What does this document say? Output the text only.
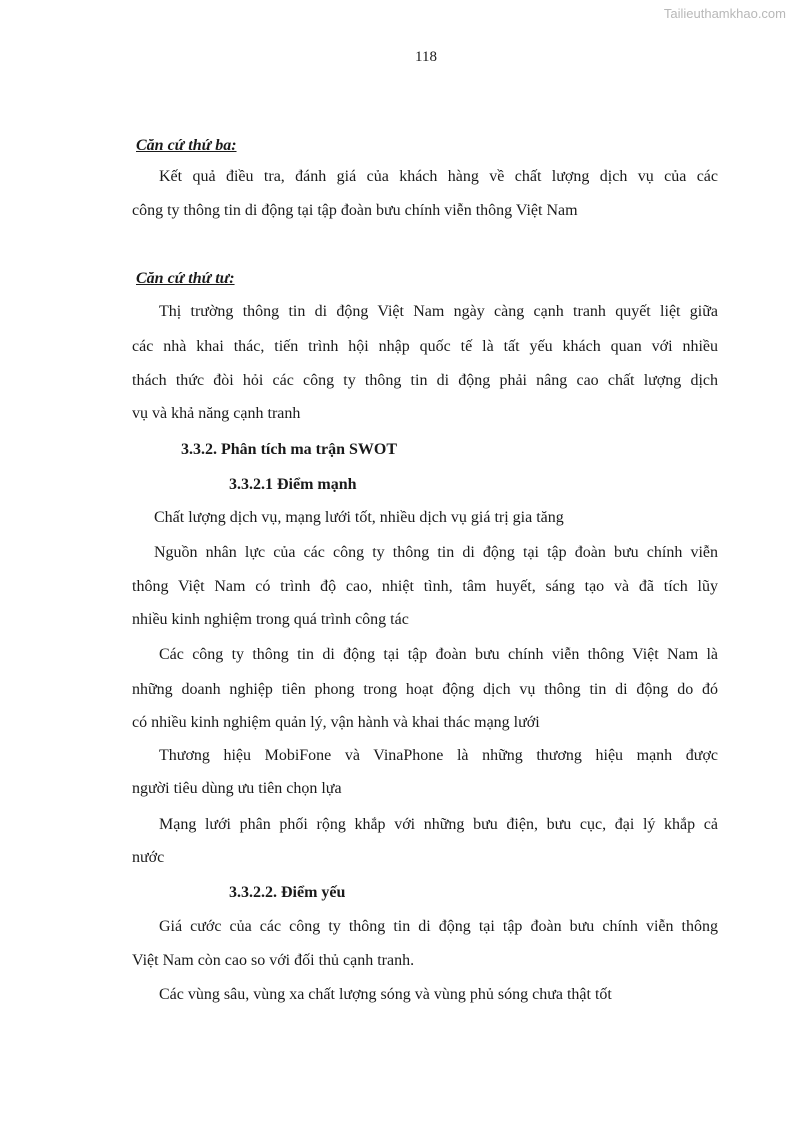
Tailieuthamkhao.com
118
Căn cứ thứ ba:
Kết quả điều tra, đánh giá của khách hàng về chất lượng dịch vụ của các
công ty thông tin di động tại tập đoàn bưu chính viễn thông Việt Nam
Căn cứ thứ tư:
Thị trường thông tin di động Việt Nam ngày càng cạnh tranh quyết liệt giữa
các nhà khai thác, tiến trình hội nhập quốc tế là tất yếu khách quan với nhiều
thách thức đòi hỏi các công ty thông tin di động phải nâng cao chất lượng dịch
vụ và khả năng cạnh tranh
3.3.2. Phân tích ma trận SWOT
3.3.2.1 Điểm mạnh
Chất lượng dịch vụ, mạng lưới tốt, nhiều dịch vụ giá trị gia tăng
Nguồn nhân lực của các công ty thông tin di động tại tập đoàn bưu chính viễn
thông Việt Nam có trình độ cao, nhiệt tình, tâm huyết, sáng tạo và đã tích lũy
nhiều kinh nghiệm trong quá trình công tác
Các công ty thông tin di động tại tập đoàn bưu chính viễn thông Việt Nam là
những doanh nghiệp tiên phong trong hoạt động dịch vụ thông tin di động do đó
có nhiều kinh nghiệm quản lý, vận hành và khai thác mạng lưới
Thương hiệu MobiFone và VinaPhone là những thương hiệu mạnh được
người tiêu dùng ưu tiên chọn lựa
Mạng lưới phân phối rộng khắp với những bưu điện, bưu cục, đại lý khắp cả
nước
3.3.2.2. Điểm yếu
Giá cước của các công ty thông tin di động tại tập đoàn bưu chính viễn thông
Việt Nam còn cao so với đối thủ cạnh tranh.
Các vùng sâu, vùng xa chất lượng sóng và vùng phủ sóng chưa thật tốt
